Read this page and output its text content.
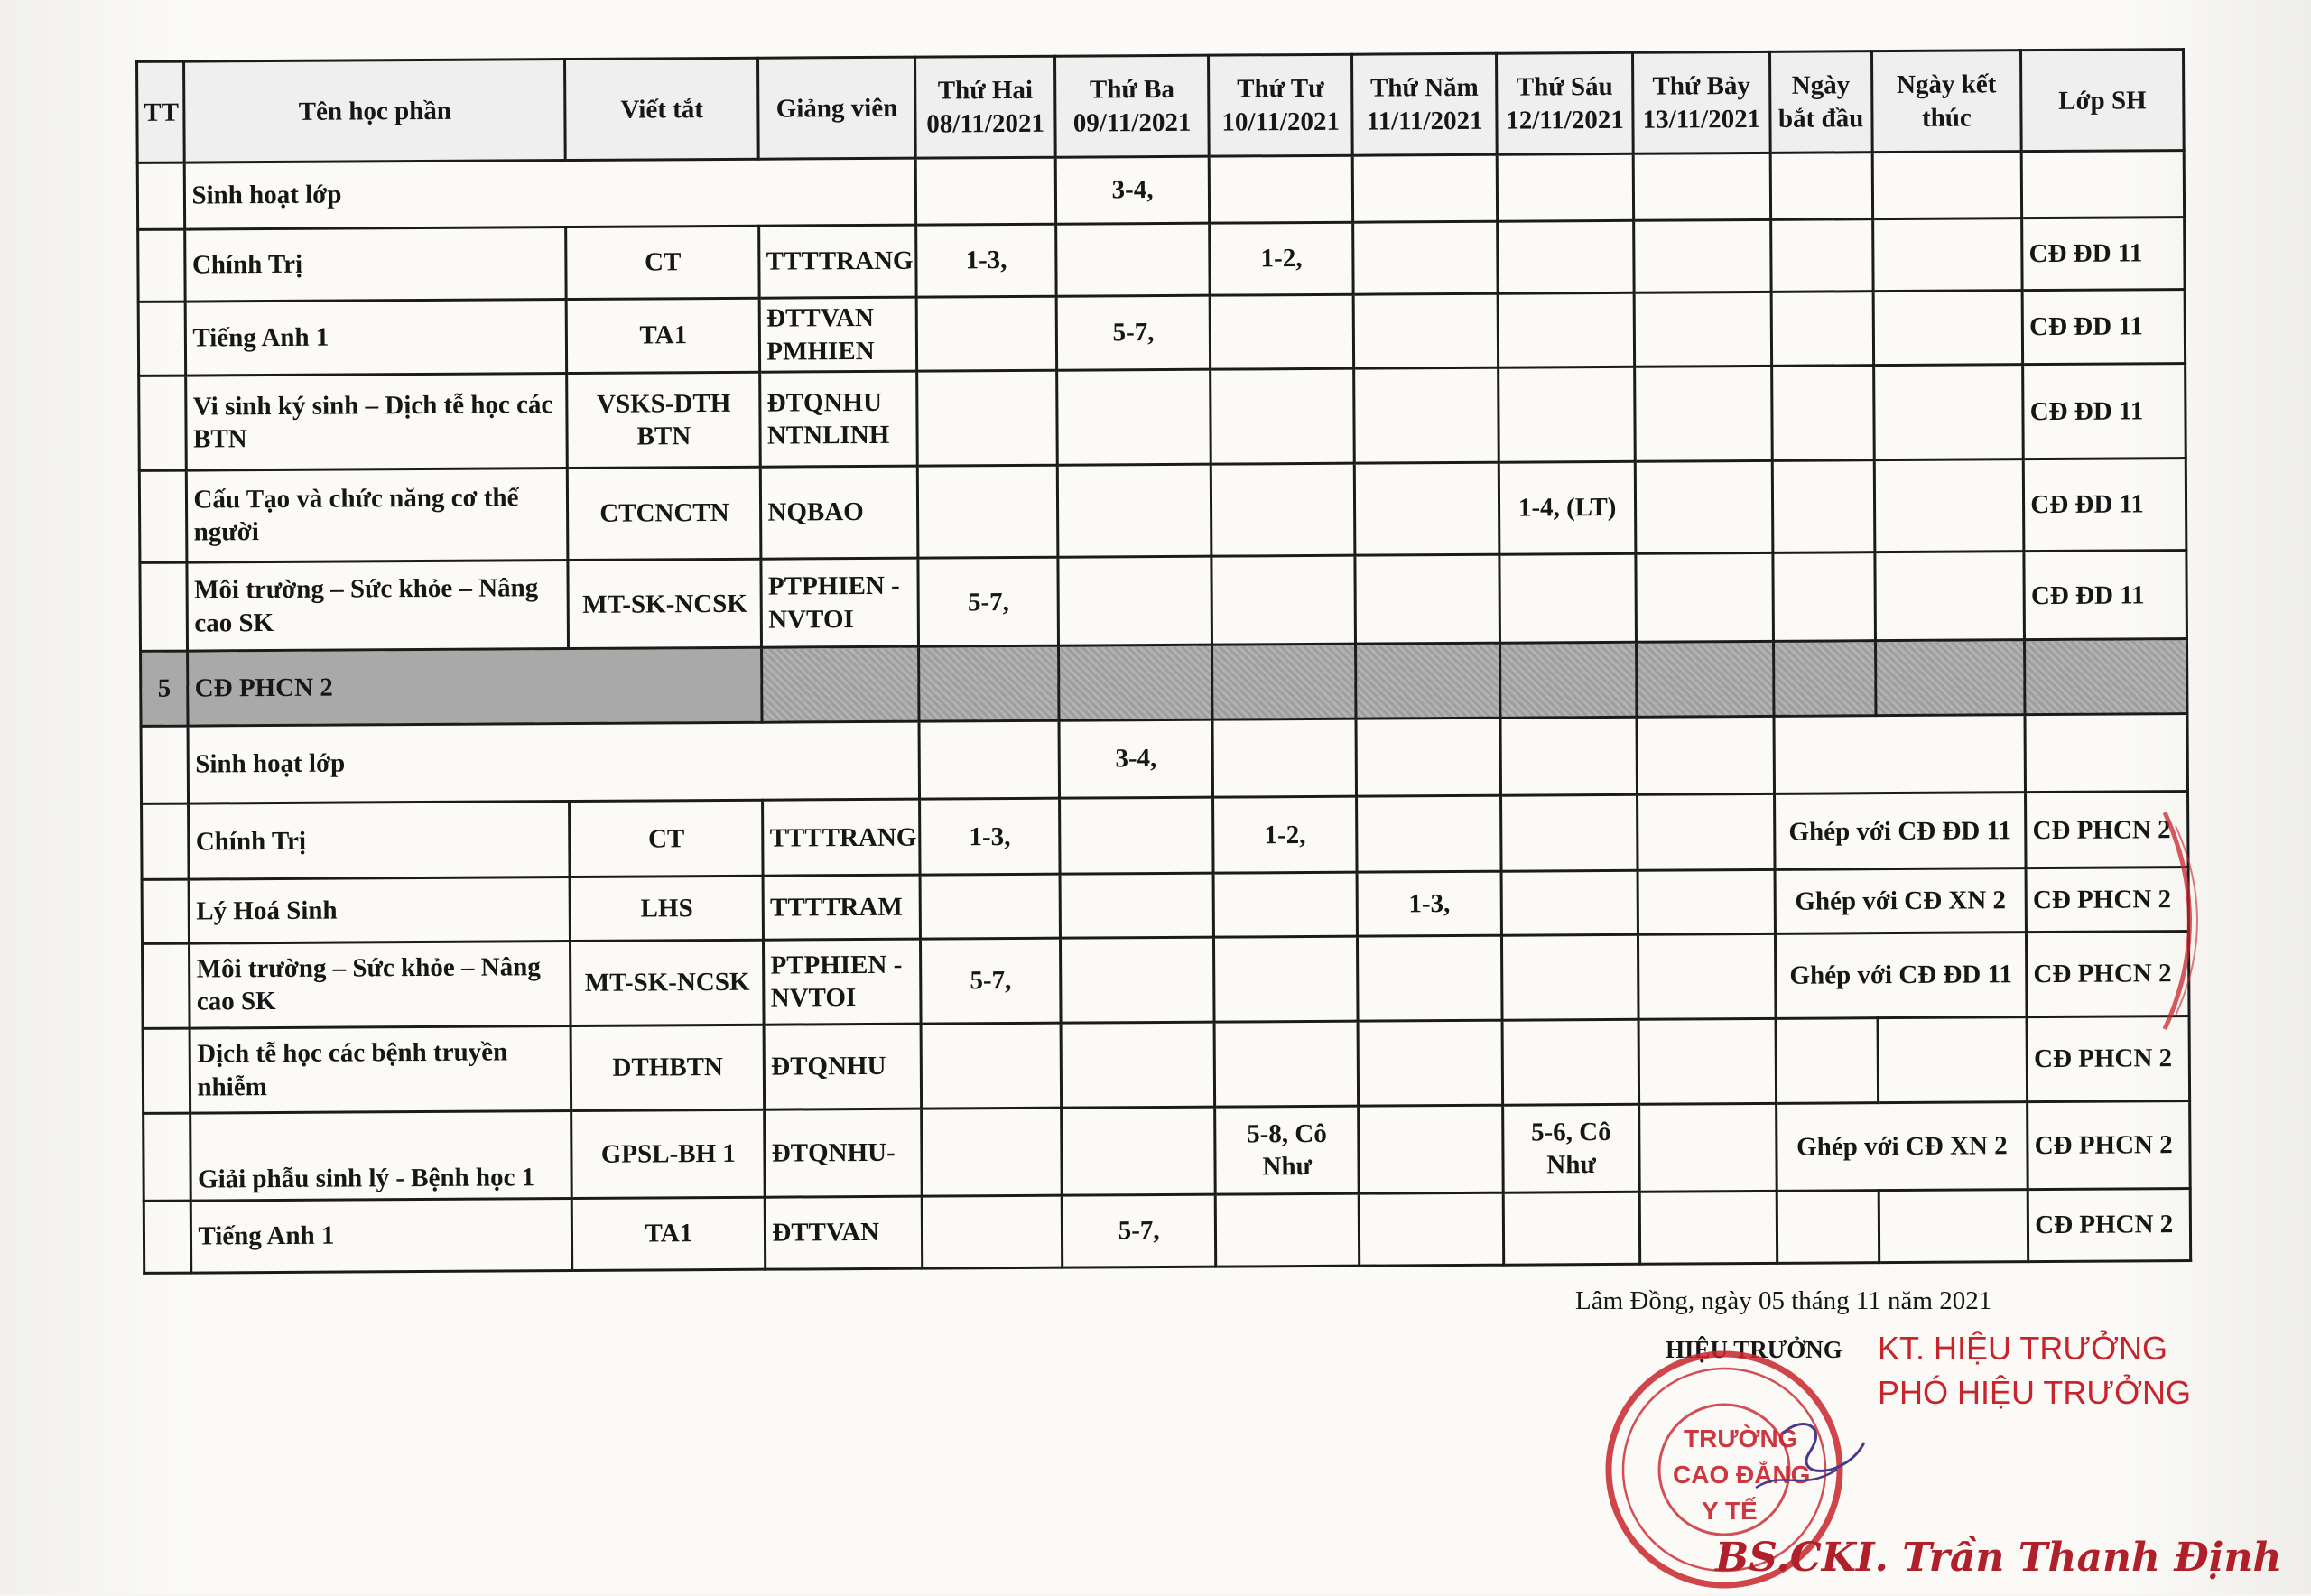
TT	Tên học phần	Viết tắt	Giảng viên	Thứ Hai 08/11/2021	Thứ Ba 09/11/2021	Thứ Tư 10/11/2021	Thứ Năm 11/11/2021	Thứ Sáu 12/11/2021	Thứ Bảy 13/11/2021	Ngày bắt đầu	Ngày kết thúc	Lớp SH
	Sinh hoạt lớp				3-4,							
	Chính Trị	CT	TTTTRANG	1-3,		1-2,						CĐ ĐD 11
	Tiếng Anh 1	TA1	ĐTTVAN PMHIEN		5-7,							CĐ ĐD 11
	Vi sinh ký sinh – Dịch tễ học các BTN	VSKS-DTH BTN	ĐTQNHU NTNLINH									CĐ ĐD 11
	Cấu Tạo và chức năng cơ thể người	CTCNCTN	NQBAO					1-4, (LT)				CĐ ĐD 11
	Môi trường – Sức khỏe – Nâng cao SK	MT-SK-NCSK	PTPHIEN - NVTOI	5-7,								CĐ ĐD 11
5	CĐ PHCN 2											
	Sinh hoạt lớp				3-4,							
	Chính Trị	CT	TTTTRANG	1-3,		1-2,				Ghép với CĐ ĐD 11		CĐ PHCN 2
	Lý Hoá Sinh	LHS	TTTTRAM				1-3,			Ghép với CĐ XN 2		CĐ PHCN 2
	Môi trường – Sức khỏe – Nâng cao SK	MT-SK-NCSK	PTPHIEN - NVTOI	5-7,						Ghép với CĐ ĐD 11		CĐ PHCN 2
	Dịch tễ học các bệnh truyền nhiễm	DTHBTN	ĐTQNHU									CĐ PHCN 2
	Giải phẫu sinh lý - Bệnh học 1	GPSL-BH 1	ĐTQNHU-			5-8, Cô Như		5-6, Cô Như		Ghép với CĐ XN 2		CĐ PHCN 2
	Tiếng Anh 1	TA1	ĐTTVAN		5-7,							CĐ PHCN 2
Lâm Đồng, ngày 05 tháng 11 năm 2021
HIỆU TRƯỞNG KT. HIỆU TRƯỞNG
PHÓ HIỆU TRƯỞNG
TRƯỜNG
CAO ĐẲNG
Y TẾ
BS.CKI. Trần Thanh Định
